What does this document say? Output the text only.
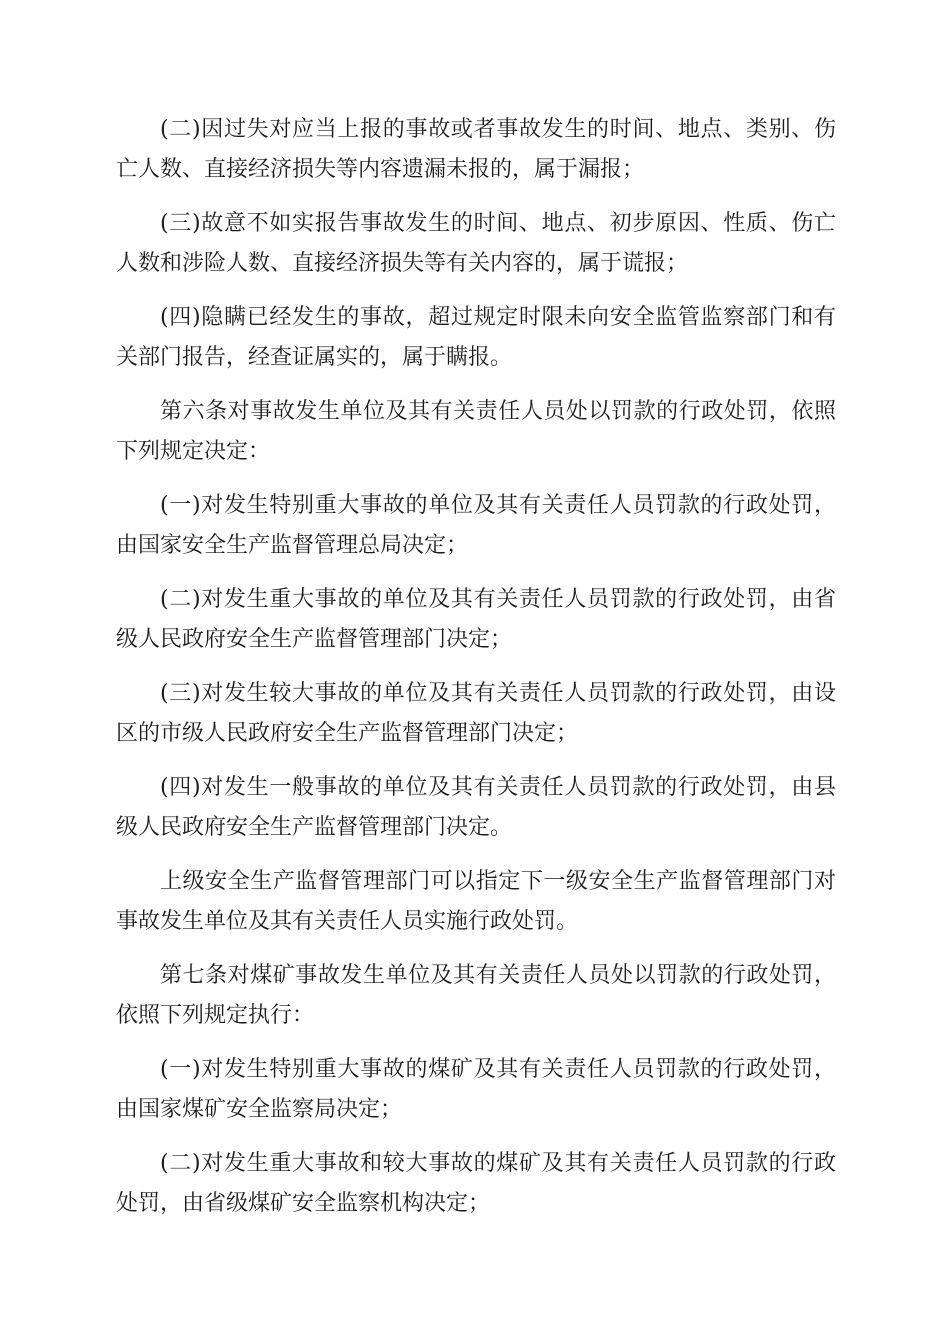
(二)因过失对应当上报的事故或者事故发生的时间、地点、类别、伤亡人数、直接经济损失等内容遗漏未报的，属于漏报；

(三)故意不如实报告事故发生的时间、地点、初步原因、性质、伤亡人数和涉险人数、直接经济损失等有关内容的，属于谎报；

(四)隐瞒已经发生的事故，超过规定时限未向安全监管监察部门和有关部门报告，经查证属实的，属于瞒报。

第六条对事故发生单位及其有关责任人员处以罚款的行政处罚，依照下列规定决定：

(一)对发生特别重大事故的单位及其有关责任人员罚款的行政处罚，由国家安全生产监督管理总局决定；

(二)对发生重大事故的单位及其有关责任人员罚款的行政处罚，由省级人民政府安全生产监督管理部门决定；

(三)对发生较大事故的单位及其有关责任人员罚款的行政处罚，由设区的市级人民政府安全生产监督管理部门决定；

(四)对发生一般事故的单位及其有关责任人员罚款的行政处罚，由县级人民政府安全生产监督管理部门决定。

上级安全生产监督管理部门可以指定下一级安全生产监督管理部门对事故发生单位及其有关责任人员实施行政处罚。

第七条对煤矿事故发生单位及其有关责任人员处以罚款的行政处罚，依照下列规定执行：

(一)对发生特别重大事故的煤矿及其有关责任人员罚款的行政处罚，由国家煤矿安全监察局决定；

(二)对发生重大事故和较大事故的煤矿及其有关责任人员罚款的行政处罚，由省级煤矿安全监察机构决定；
